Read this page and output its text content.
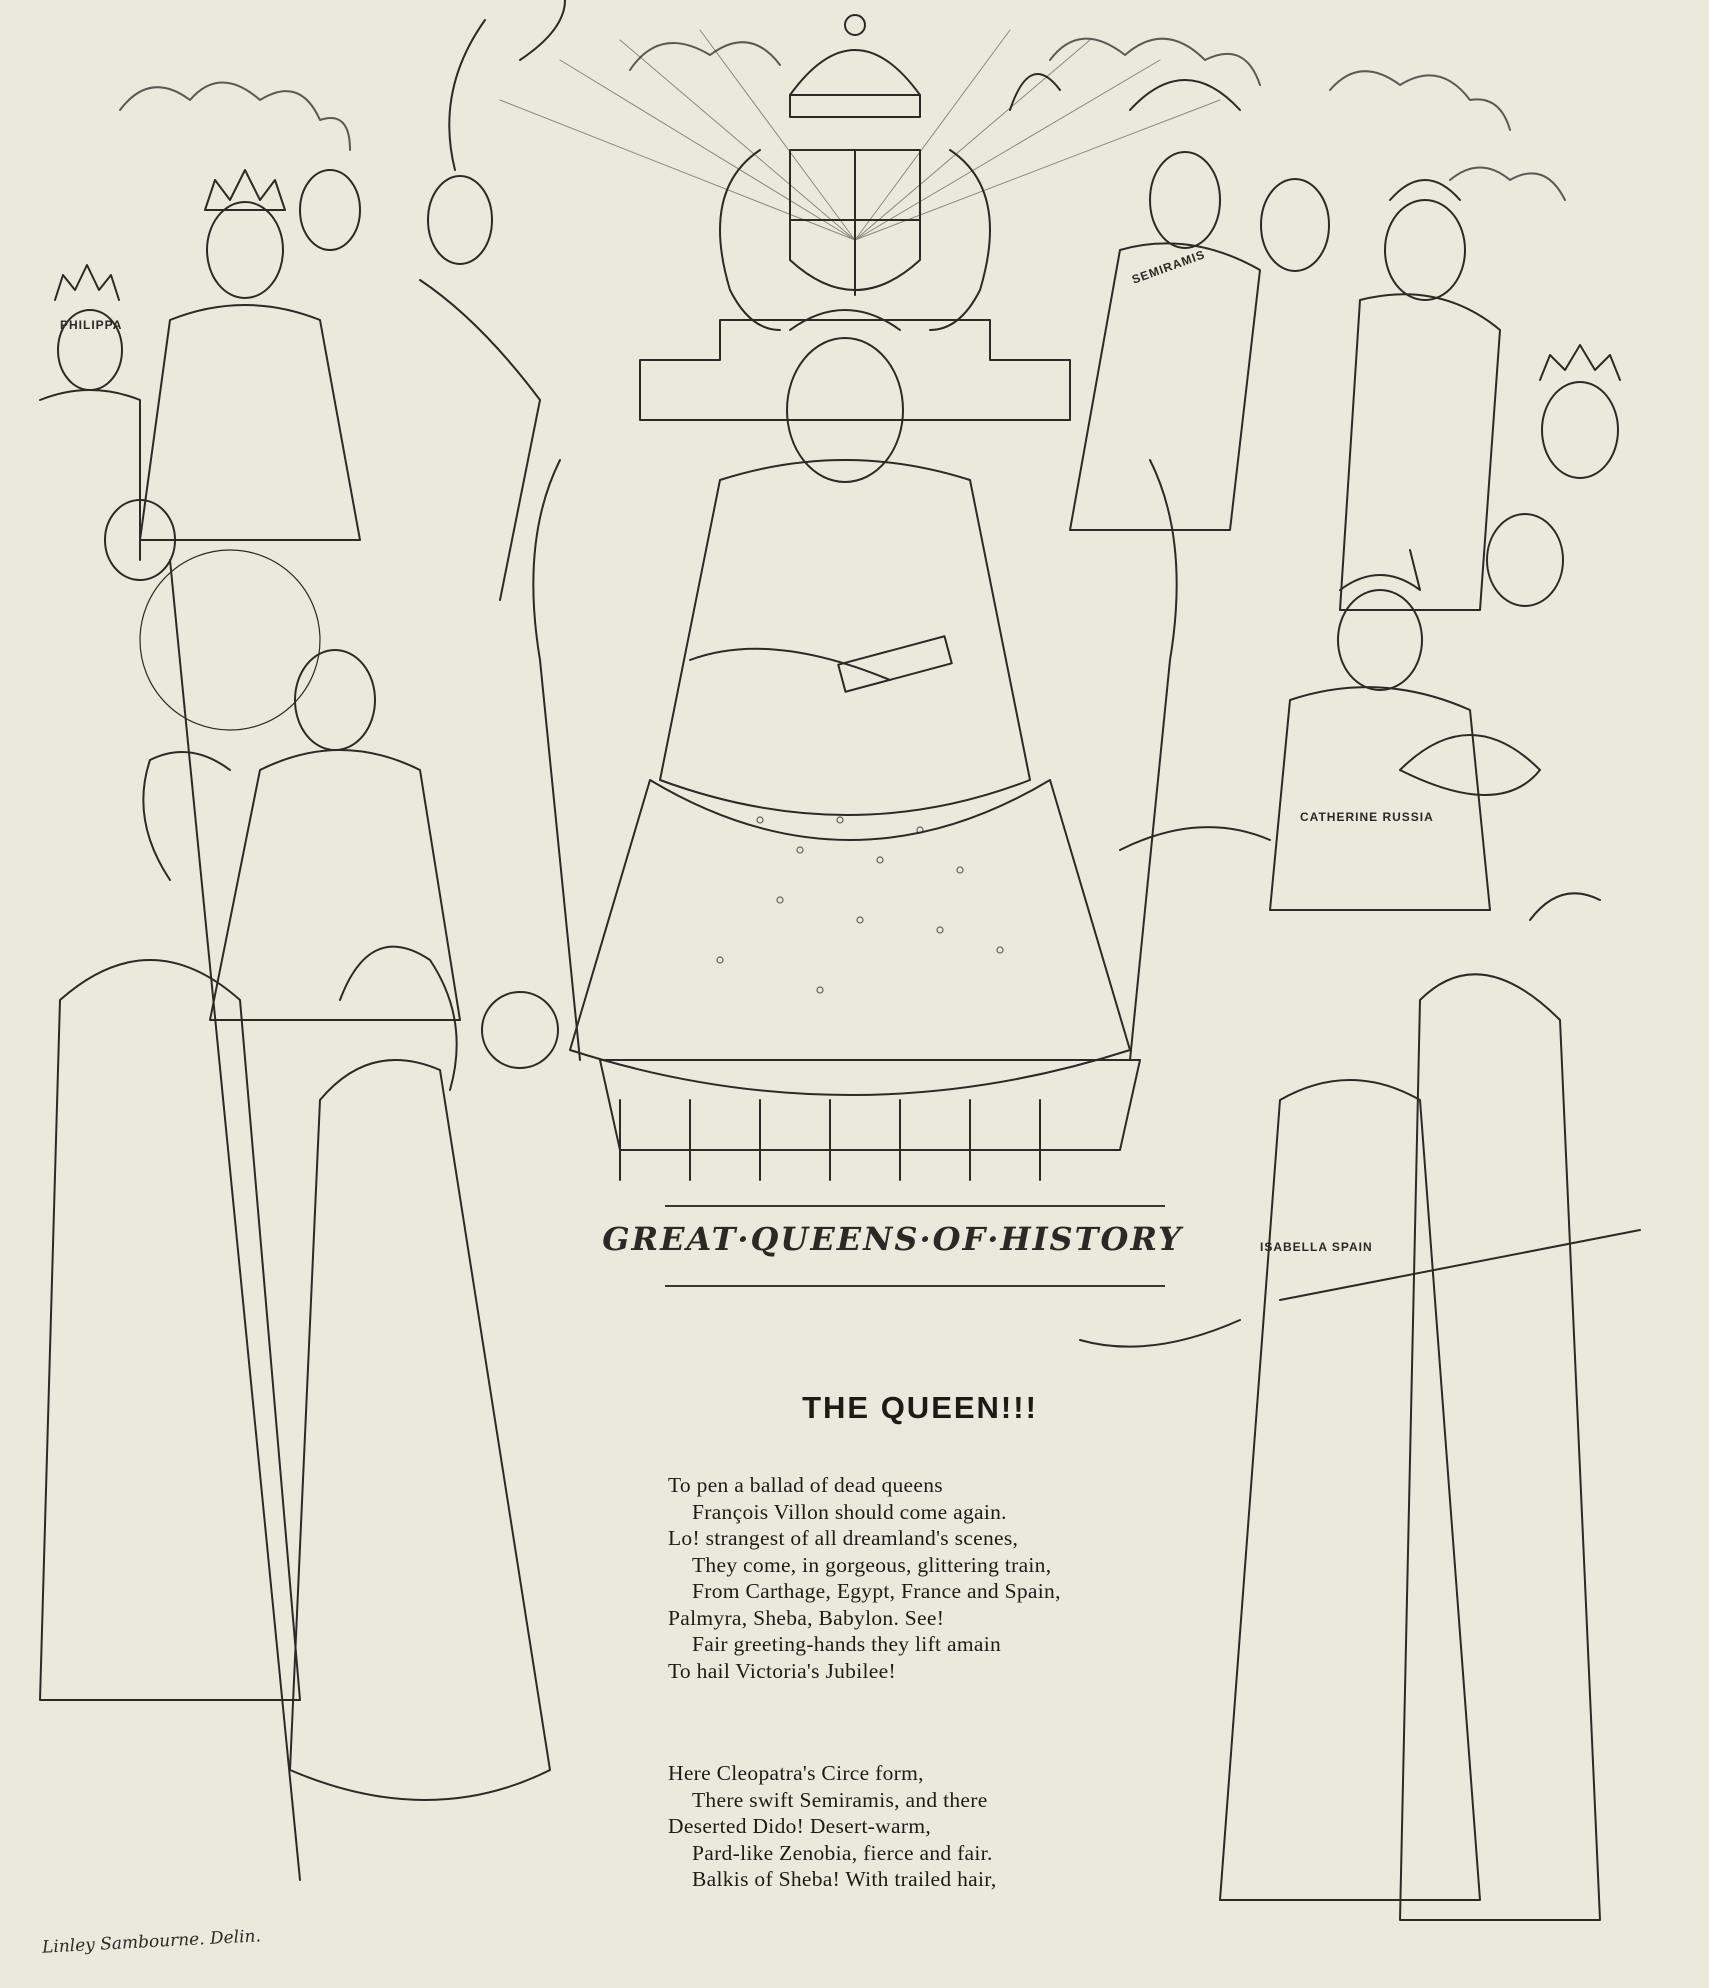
PHILIPPA
SEMIRAMIS
CATHERINE RUSSIA
ISABELLA SPAIN
GREAT·QUEENS·OF·HISTORY
THE QUEEN!!!
To pen a ballad of dead queens
François Villon should come again.
Lo! strangest of all dreamland's scenes,
They come, in gorgeous, glittering train,
From Carthage, Egypt, France and Spain,
Palmyra, Sheba, Babylon. See!
Fair greeting-hands they lift amain
To hail Victoria's Jubilee!
Here Cleopatra's Circe form,
There swift Semiramis, and there
Deserted Dido! Desert-warm,
Pard-like Zenobia, fierce and fair.
Balkis of Sheba! With trailed hair,
Linley Sambourne. Delin.
